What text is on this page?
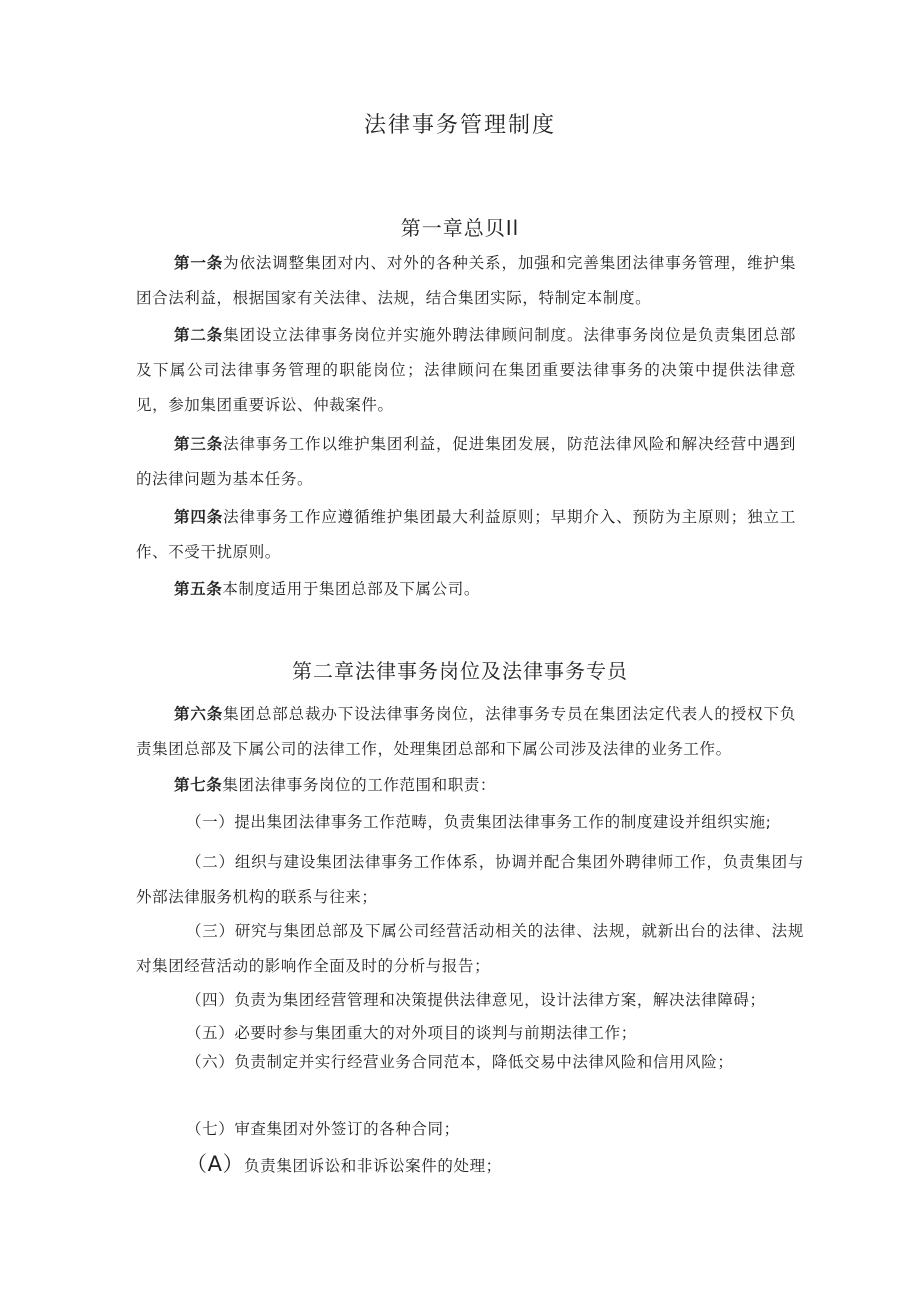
法律事务管理制度
第一章总贝Il
第一条为依法调整集团对内、对外的各种关系，加强和完善集团法律事务管理，维护集团合法利益，根据国家有关法律、法规，结合集团实际，特制定本制度。
第二条集团设立法律事务岗位并实施外聘法律顾问制度。法律事务岗位是负责集团总部及下属公司法律事务管理的职能岗位；法律顾问在集团重要法律事务的决策中提供法律意见，参加集团重要诉讼、仲裁案件。
第三条法律事务工作以维护集团利益，促进集团发展，防范法律风险和解决经营中遇到的法律问题为基本任务。
第四条法律事务工作应遵循维护集团最大利益原则；早期介入、预防为主原则；独立工作、不受干扰原则。
第五条本制度适用于集团总部及下属公司。
第二章法律事务岗位及法律事务专员
第六条集团总部总裁办下设法律事务岗位，法律事务专员在集团法定代表人的授权下负责集团总部及下属公司的法律工作，处理集团总部和下属公司涉及法律的业务工作。
第七条集团法律事务岗位的工作范围和职责：
（一）提出集团法律事务工作范畴，负责集团法律事务工作的制度建设并组织实施;
（二）组织与建设集团法律事务工作体系，协调并配合集团外聘律师工作，负责集团与外部法律服务机构的联系与往来；
（三）研究与集团总部及下属公司经营活动相关的法律、法规，就新出台的法律、法规对集团经营活动的影响作全面及时的分析与报告；
（四）负责为集团经营管理和决策提供法律意见，设计法律方案，解决法律障碍；
（五）必要时参与集团重大的对外项目的谈判与前期法律工作；
（六）负责制定并实行经营业务合同范本，降低交易中法律风险和信用风险；
（七）审查集团对外签订的各种合同；
（A）负责集团诉讼和非诉讼案件的处理；
